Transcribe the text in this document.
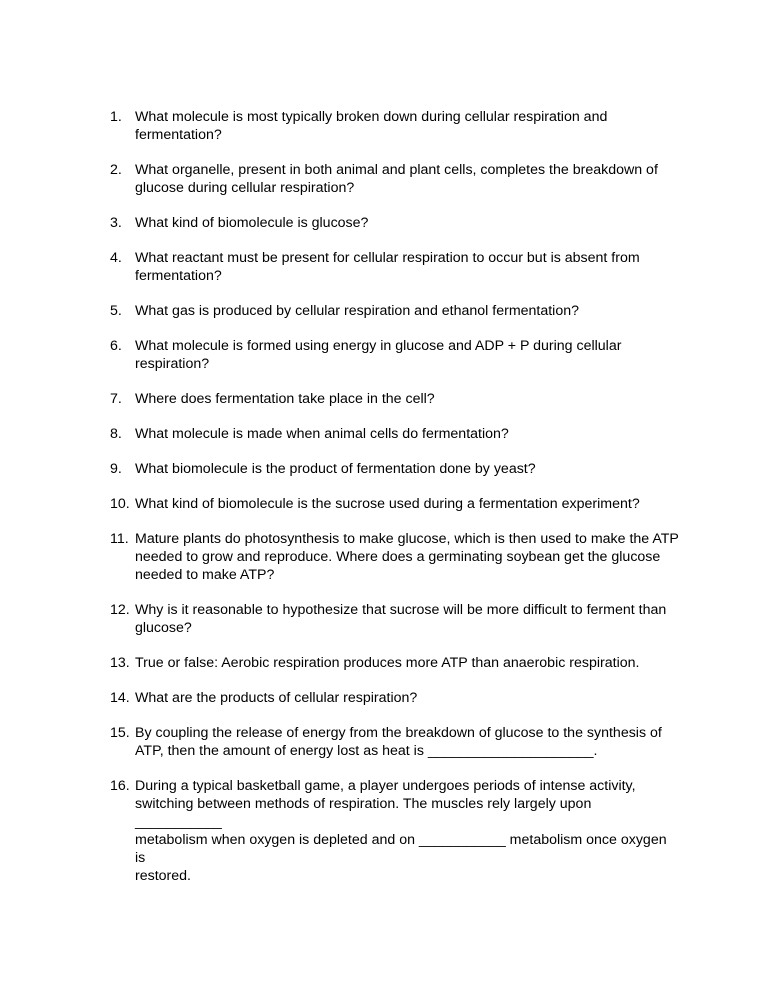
1. What molecule is most typically broken down during cellular respiration and
fermentation?
2. What organelle, present in both animal and plant cells, completes the breakdown of
glucose during cellular respiration?
3. What kind of biomolecule is glucose?
4. What reactant must be present for cellular respiration to occur but is absent from
fermentation?
5. What gas is produced by cellular respiration and ethanol fermentation?
6. What molecule is formed using energy in glucose and ADP + P during cellular
respiration?
7. Where does fermentation take place in the cell?
8. What molecule is made when animal cells do fermentation?
9. What biomolecule is the product of fermentation done by yeast?
10. What kind of biomolecule is the sucrose used during a fermentation experiment?
11. Mature plants do photosynthesis to make glucose, which is then used to make the ATP
needed to grow and reproduce. Where does a germinating soybean get the glucose
needed to make ATP?
12. Why is it reasonable to hypothesize that sucrose will be more difficult to ferment than
glucose?
13. True or false: Aerobic respiration produces more ATP than anaerobic respiration.
14. What are the products of cellular respiration?
15. By coupling the release of energy from the breakdown of glucose to the synthesis of
ATP, then the amount of energy lost as heat is _____________________.
16. During a typical basketball game, a player undergoes periods of intense activity,
switching between methods of respiration. The muscles rely largely upon ___________
metabolism when oxygen is depleted and on ___________ metabolism once oxygen is
restored.
